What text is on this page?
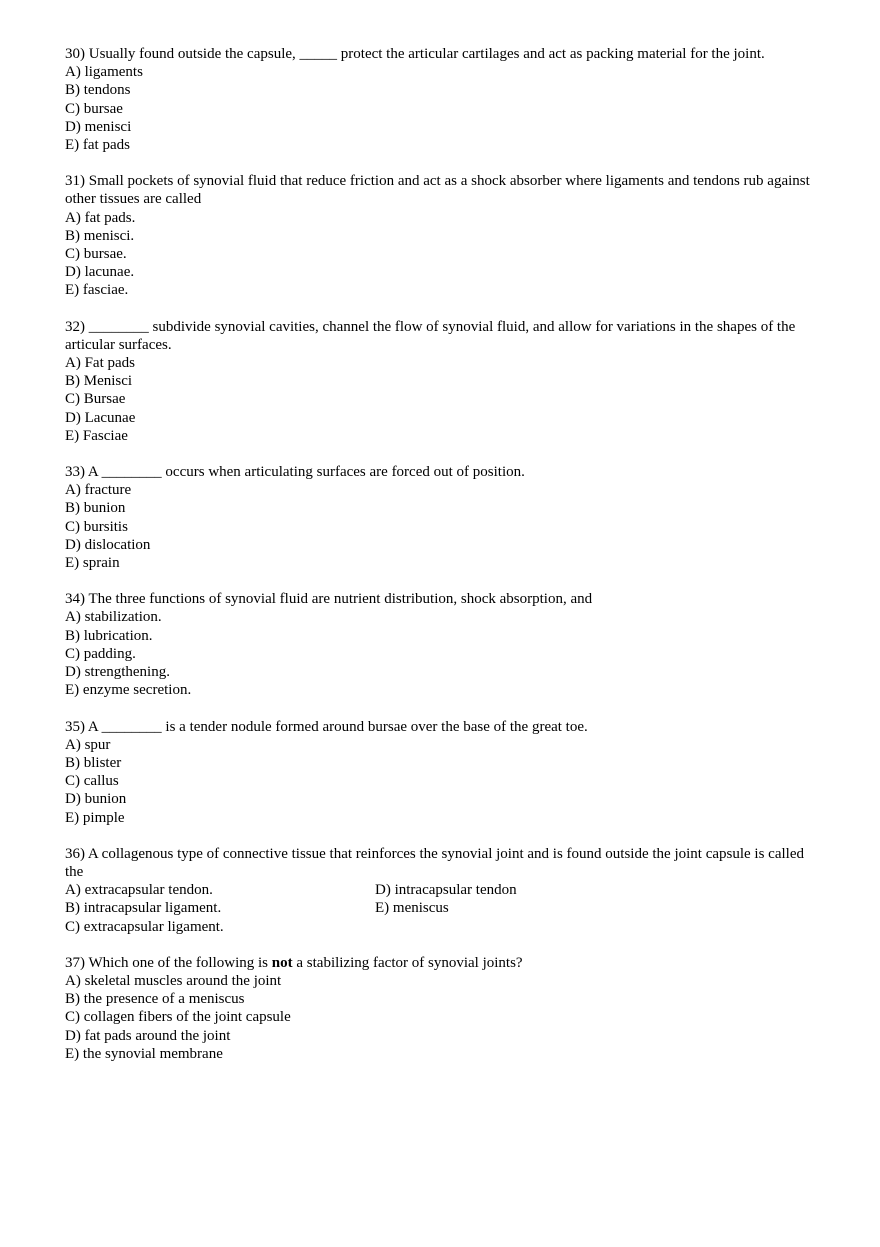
30) Usually found outside the capsule, _____ protect the articular cartilages and act as packing material for the joint.
A) ligaments
B) tendons
C) bursae
D) menisci
E) fat pads
31) Small pockets of synovial fluid that reduce friction and act as a shock absorber where ligaments and tendons rub against other tissues are called
A) fat pads.
B) menisci.
C) bursae.
D) lacunae.
E) fasciae.
32) ________ subdivide synovial cavities, channel the flow of synovial fluid, and allow for variations in the shapes of the articular surfaces.
A) Fat pads
B) Menisci
C) Bursae
D) Lacunae
E) Fasciae
33) A ________ occurs when articulating surfaces are forced out of position.
A) fracture
B) bunion
C) bursitis
D) dislocation
E) sprain
34) The three functions of synovial fluid are nutrient distribution, shock absorption, and
A) stabilization.
B) lubrication.
C) padding.
D) strengthening.
E) enzyme secretion.
35) A ________ is a tender nodule formed around bursae over the base of the great toe.
A) spur
B) blister
C) callus
D) bunion
E) pimple
36) A collagenous type of connective tissue that reinforces the synovial joint and is found outside the joint capsule is called the
A) extracapsular tendon.
B) intracapsular ligament.
C) extracapsular ligament.
D) intracapsular tendon
E) meniscus
37) Which one of the following is not a stabilizing factor of synovial joints?
A) skeletal muscles around the joint
B) the presence of a meniscus
C) collagen fibers of the joint capsule
D) fat pads around the joint
E) the synovial membrane
